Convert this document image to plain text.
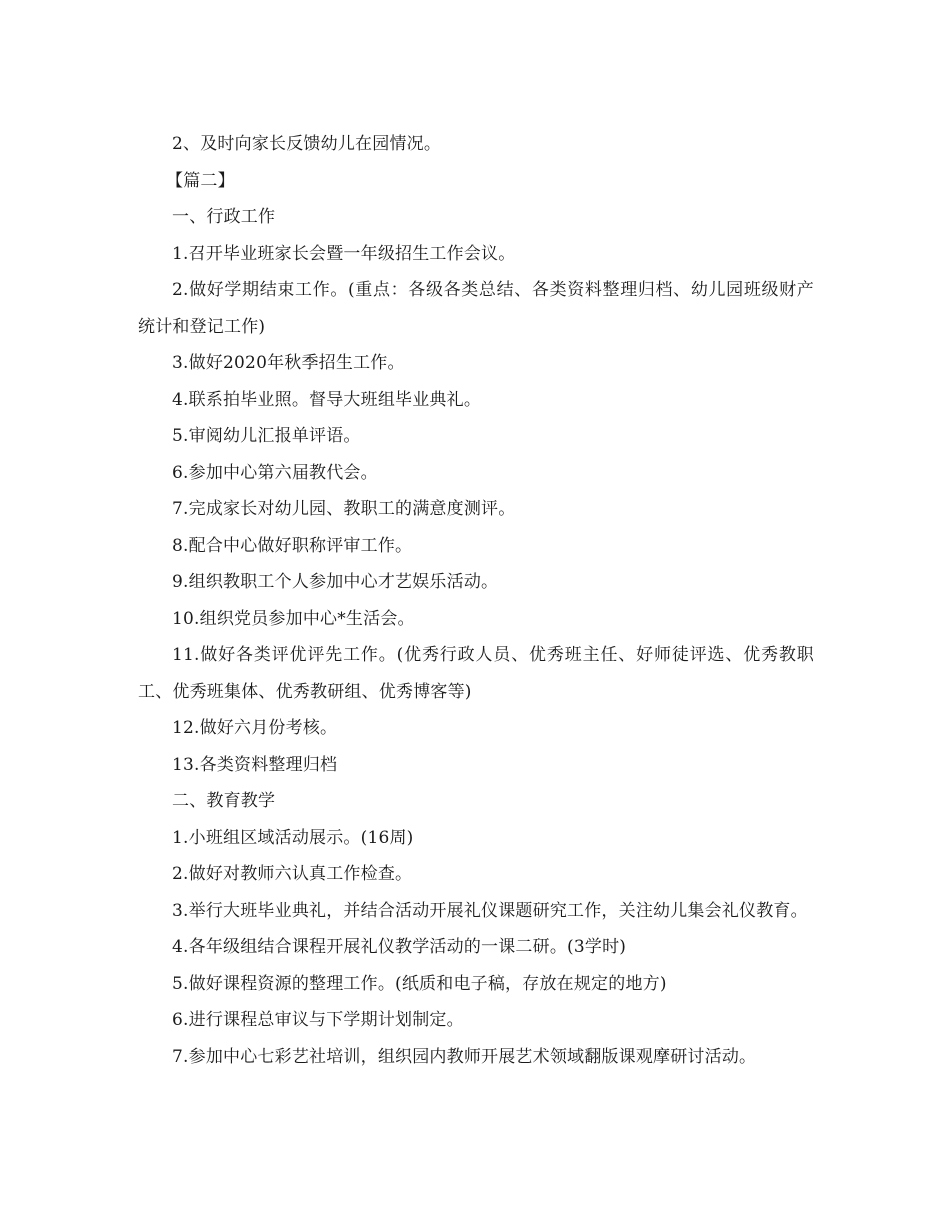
2、及时向家长反馈幼儿在园情况。

【篇二】

一、行政工作

1.召开毕业班家长会暨一年级招生工作会议。

2.做好学期结束工作。(重点：各级各类总结、各类资料整理归档、幼儿园班级财产统计和登记工作)

3.做好2020年秋季招生工作。

4.联系拍毕业照。督导大班组毕业典礼。

5.审阅幼儿汇报单评语。

6.参加中心第六届教代会。

7.完成家长对幼儿园、教职工的满意度测评。

8.配合中心做好职称评审工作。

9.组织教职工个人参加中心才艺娱乐活动。

10.组织党员参加中心*生活会。

11.做好各类评优评先工作。(优秀行政人员、优秀班主任、好师徒评选、优秀教职工、优秀班集体、优秀教研组、优秀博客等)

12.做好六月份考核。

13.各类资料整理归档

二、教育教学

1.小班组区域活动展示。(16周)

2.做好对教师六认真工作检查。

3.举行大班毕业典礼，并结合活动开展礼仪课题研究工作，关注幼儿集会礼仪教育。

4.各年级组结合课程开展礼仪教学活动的一课二研。(3学时)

5.做好课程资源的整理工作。(纸质和电子稿，存放在规定的地方)

6.进行课程总审议与下学期计划制定。

7.参加中心七彩艺社培训，组织园内教师开展艺术领域翻版课观摩研讨活动。
